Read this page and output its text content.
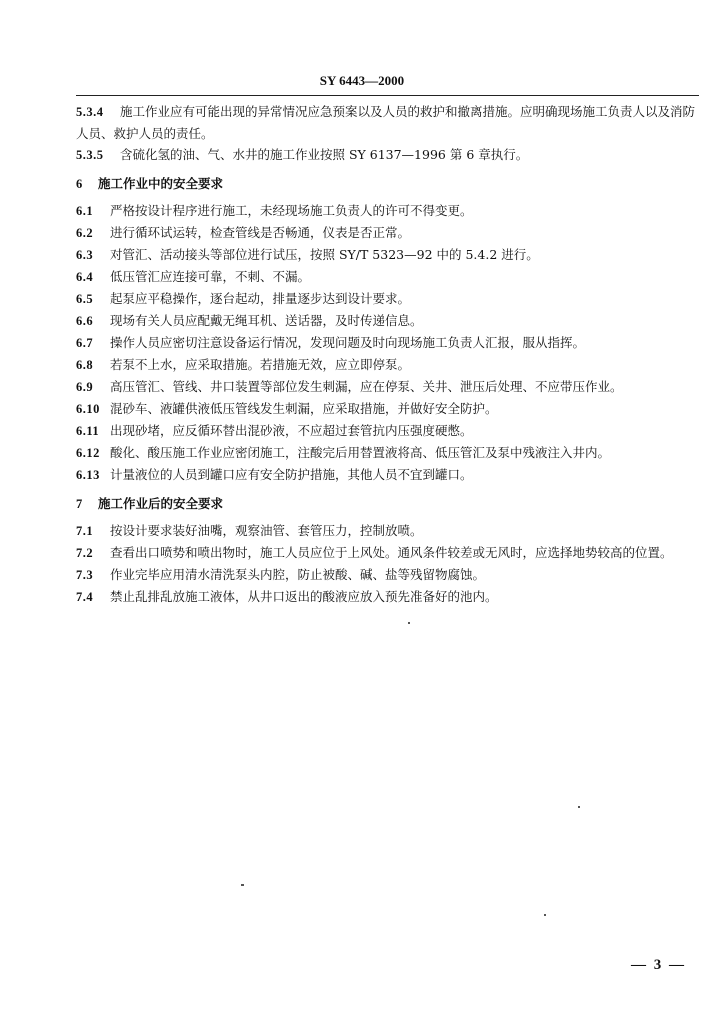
SY 6443—2000
5.3.4 施工作业应有可能出现的异常情况应急预案以及人员的救护和撤离措施。应明确现场施工负责人以及消防人员、救护人员的责任。
5.3.5 含硫化氢的油、气、水井的施工作业按照 SY 6137—1996 第 6 章执行。
6 施工作业中的安全要求
6.1 严格按设计程序进行施工，未经现场施工负责人的许可不得变更。
6.2 进行循环试运转，检查管线是否畅通，仪表是否正常。
6.3 对管汇、活动接头等部位进行试压，按照 SY/T 5323—92 中的 5.4.2 进行。
6.4 低压管汇应连接可靠，不刺、不漏。
6.5 起泵应平稳操作，逐台起动，排量逐步达到设计要求。
6.6 现场有关人员应配戴无绳耳机、送话器，及时传递信息。
6.7 操作人员应密切注意设备运行情况，发现问题及时向现场施工负责人汇报，服从指挥。
6.8 若泵不上水，应采取措施。若措施无效，应立即停泵。
6.9 高压管汇、管线、井口装置等部位发生刺漏，应在停泵、关井、泄压后处理、不应带压作业。
6.10 混砂车、液罐供液低压管线发生刺漏，应采取措施，并做好安全防护。
6.11 出现砂堵，应反循环替出混砂液，不应超过套管抗内压强度硬憋。
6.12 酸化、酸压施工作业应密闭施工，注酸完后用替置液将高、低压管汇及泵中残液注入井内。
6.13 计量液位的人员到罐口应有安全防护措施，其他人员不宜到罐口。
7 施工作业后的安全要求
7.1 按设计要求装好油嘴，观察油管、套管压力，控制放喷。
7.2 查看出口喷势和喷出物时，施工人员应位于上风处。通风条件较差或无风时，应选择地势较高的位置。
7.3 作业完毕应用清水清洗泵头内腔，防止被酸、碱、盐等残留物腐蚀。
7.4 禁止乱排乱放施工液体，从井口返出的酸液应放入预先准备好的池内。
— 3 —
